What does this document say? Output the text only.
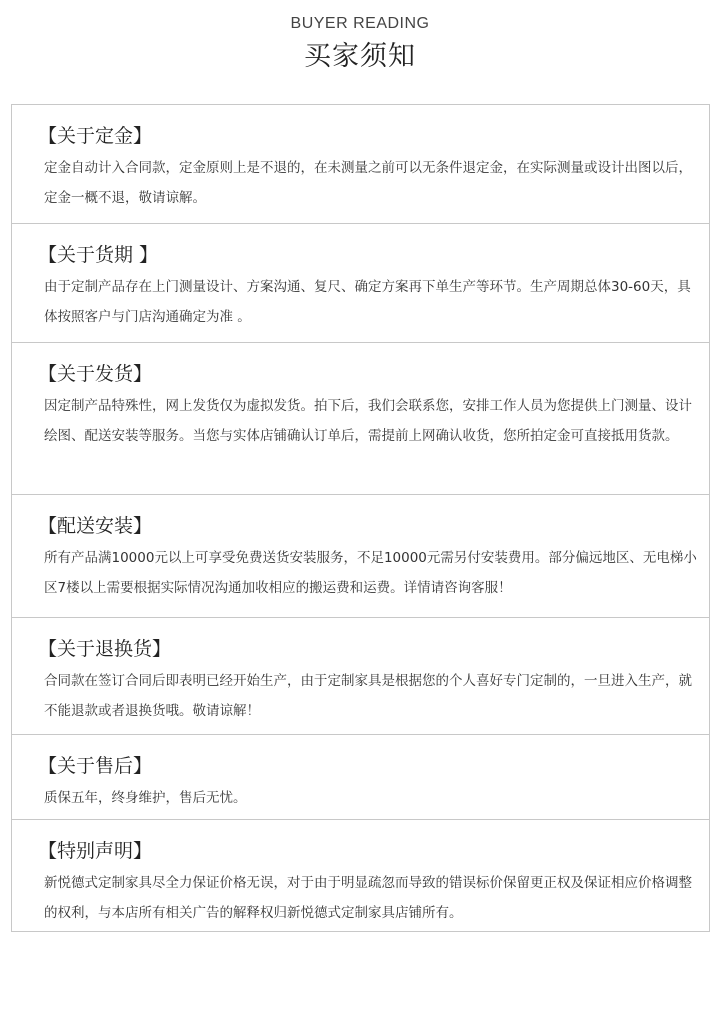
BUYER READING
买家须知
【关于定金】
定金自动计入合同款，定金原则上是不退的，在未测量之前可以无条件退定金，在实际测量或设计出图以后，定金一概不退，敬请谅解。
【关于货期 】
由于定制产品存在上门测量设计、方案沟通、复尺、确定方案再下单生产等环节。生产周期总体30-60天，具体按照客户与门店沟通确定为准 。
【关于发货】
因定制产品特殊性，网上发货仅为虚拟发货。拍下后，我们会联系您，安排工作人员为您提供上门测量、设计绘图、配送安装等服务。当您与实体店铺确认订单后，需提前上网确认收货，您所拍定金可直接抵用货款。
【配送安装】
所有产品满10000元以上可享受免费送货安装服务，不足10000元需另付安装费用。部分偏远地区、无电梯小区7楼以上需要根据实际情况沟通加收相应的搬运费和运费。详情请咨询客服！
【关于退换货】
合同款在签订合同后即表明已经开始生产，由于定制家具是根据您的个人喜好专门定制的，一旦进入生产，就不能退款或者退换货哦。敬请谅解！
【关于售后】
质保五年，终身维护，售后无忧。
【特别声明】
新悦德式定制家具尽全力保证价格无误，对于由于明显疏忽而导致的错误标价保留更正权及保证相应价格调整的权利，与本店所有相关广告的解释权归新悦德式定制家具店铺所有。
